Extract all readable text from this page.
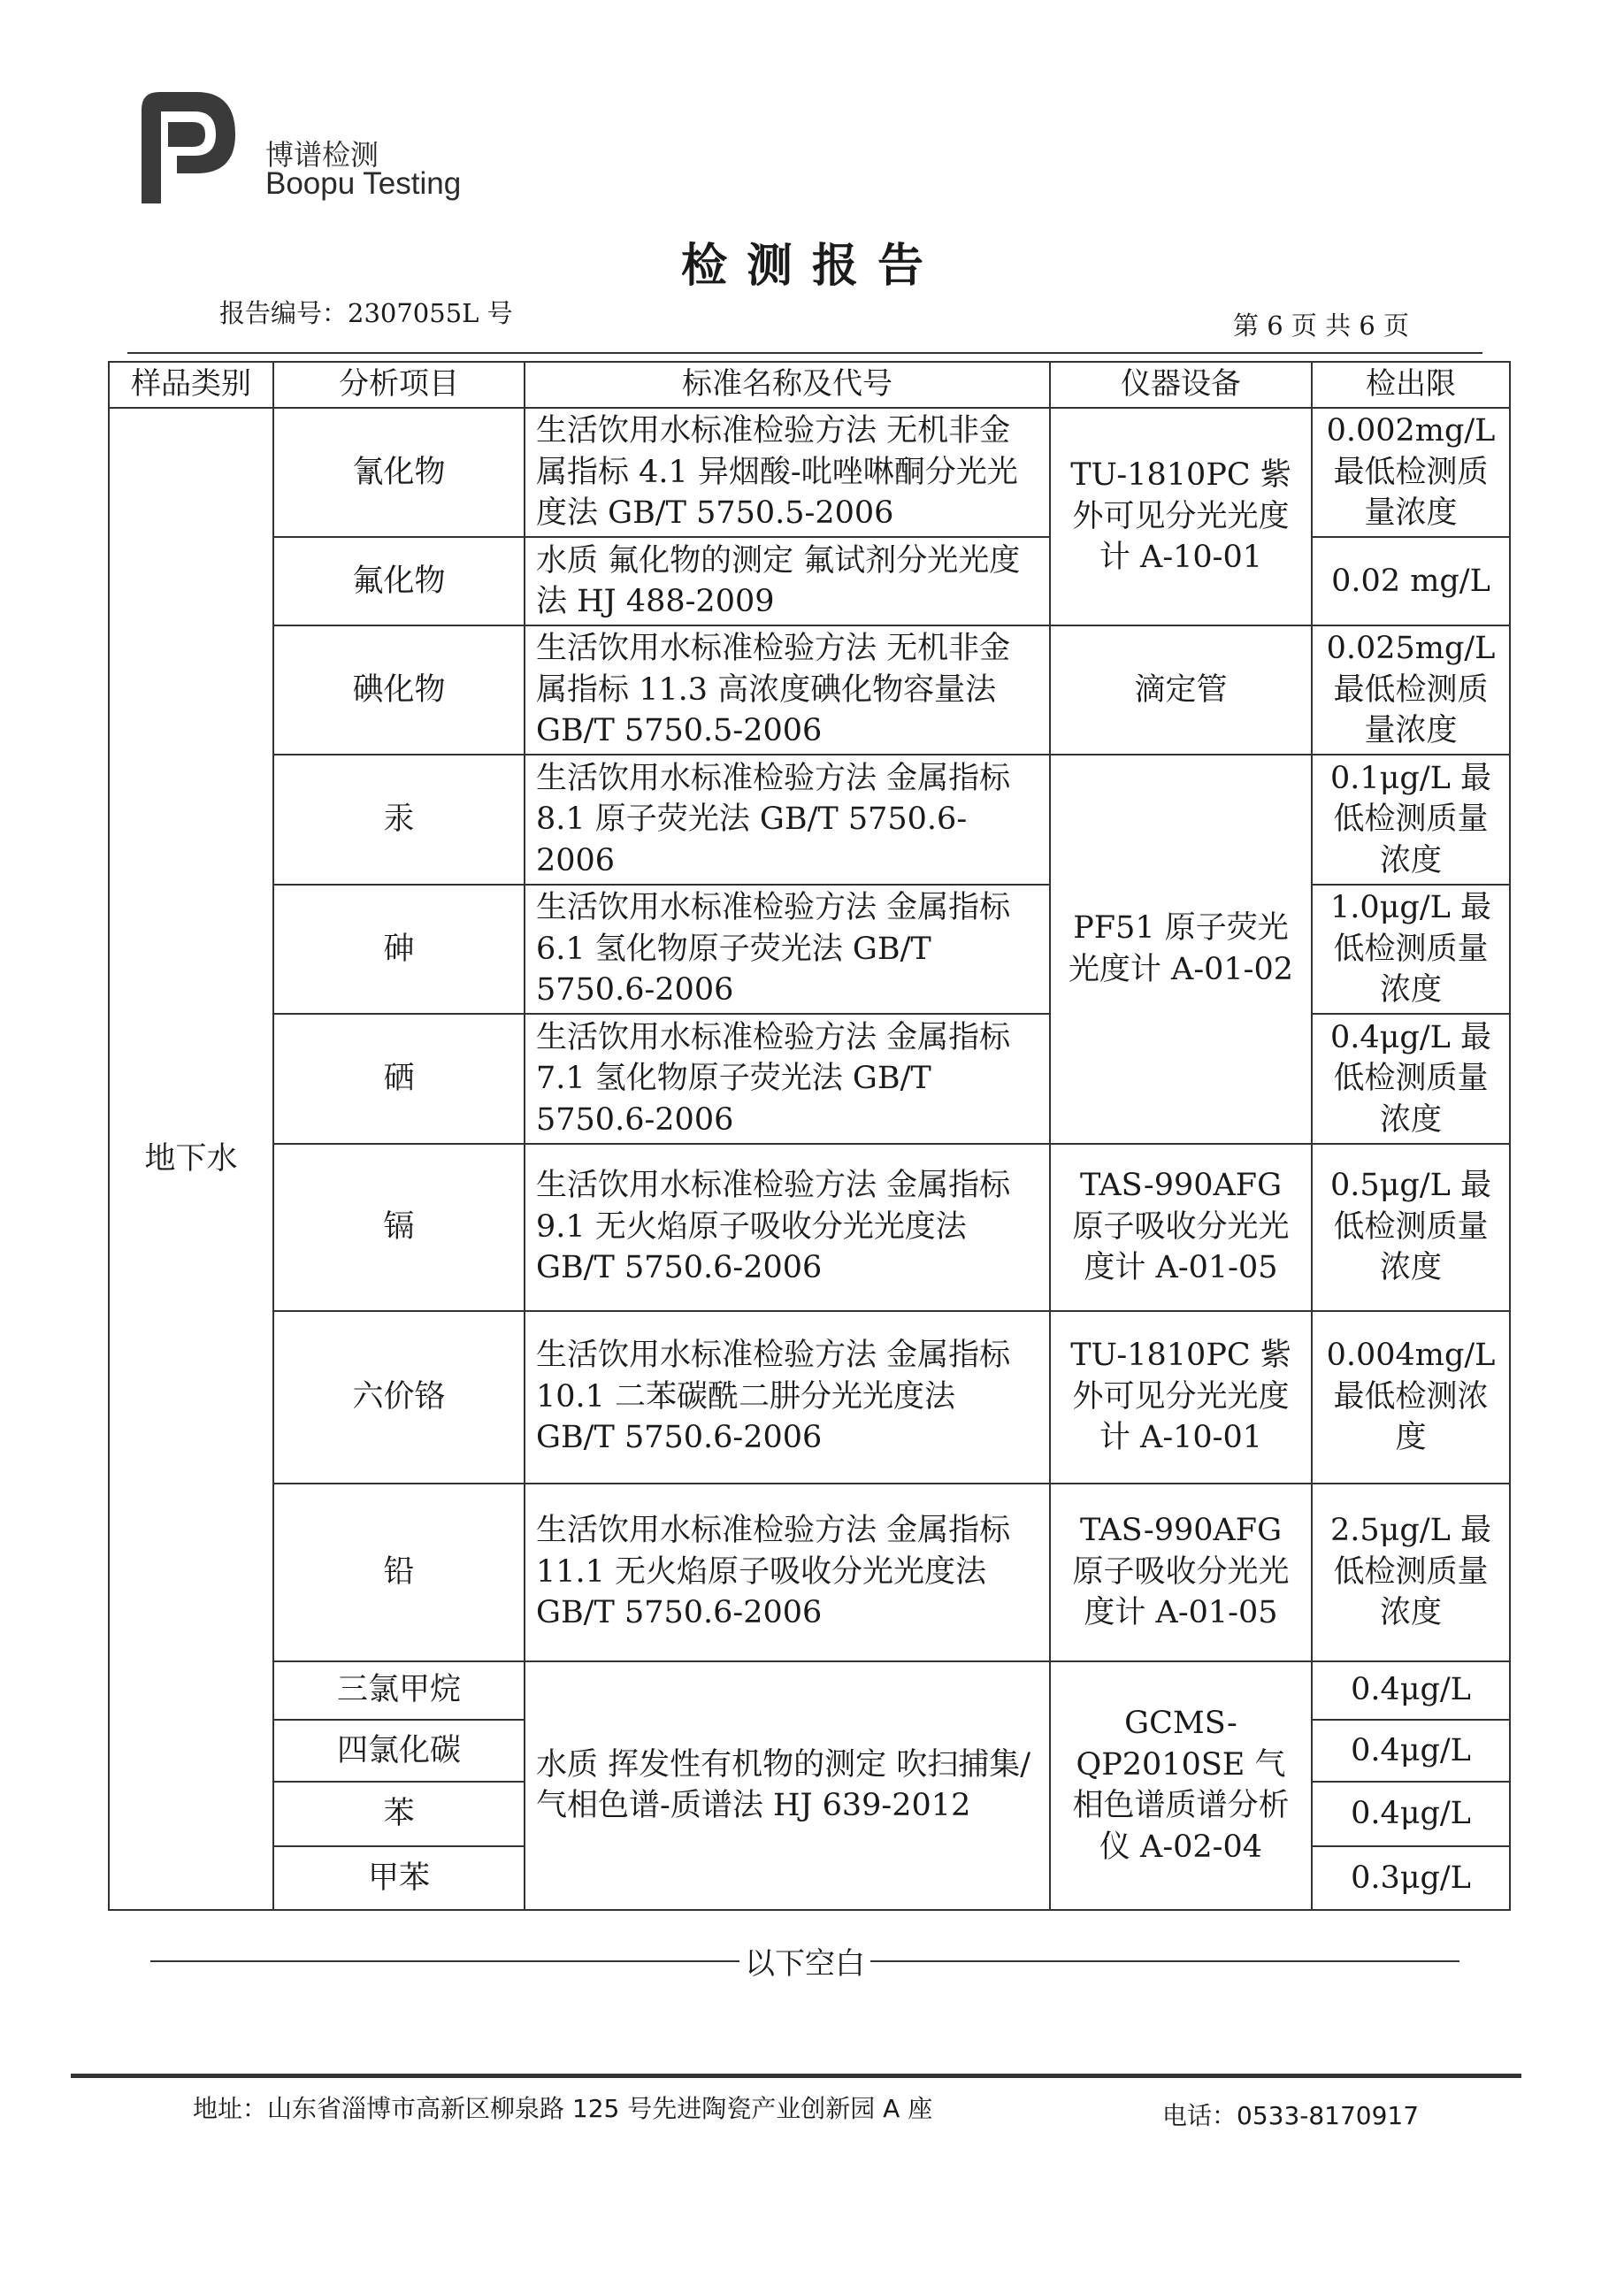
博谱检测
Boopu Testing
检测报告
报告编号：2307055L 号	第 6 页 共 6 页
样品类别	分析项目	标准名称及代号	仪器设备	检出限
地下水	氰化物	生活饮用水标准检验方法 无机非金属指标 4.1 异烟酸-吡唑啉酮分光光度法 GB/T 5750.5-2006	TU-1810PC 紫外可见分光光度计 A-10-01	0.002mg/L 最低检测质量浓度
	氟化物	水质 氟化物的测定 氟试剂分光光度法 HJ 488-2009		0.02 mg/L
	碘化物	生活饮用水标准检验方法 无机非金属指标 11.3 高浓度碘化物容量法 GB/T 5750.5-2006	滴定管	0.025mg/L 最低检测质量浓度
	汞	生活饮用水标准检验方法 金属指标 8.1 原子荧光法 GB/T 5750.6-2006	PF51 原子荧光光度计 A-01-02	0.1μg/L 最低检测质量浓度
	砷	生活饮用水标准检验方法 金属指标 6.1 氢化物原子荧光法 GB/T 5750.6-2006		1.0μg/L 最低检测质量浓度
	硒	生活饮用水标准检验方法 金属指标 7.1 氢化物原子荧光法 GB/T 5750.6-2006		0.4μg/L 最低检测质量浓度
	镉	生活饮用水标准检验方法 金属指标 9.1 无火焰原子吸收分光光度法 GB/T 5750.6-2006	TAS-990AFG 原子吸收分光光度计 A-01-05	0.5μg/L 最低检测质量浓度
	六价铬	生活饮用水标准检验方法 金属指标 10.1 二苯碳酰二肼分光光度法 GB/T 5750.6-2006	TU-1810PC 紫外可见分光光度计 A-10-01	0.004mg/L 最低检测浓度
	铅	生活饮用水标准检验方法 金属指标 11.1 无火焰原子吸收分光光度法 GB/T 5750.6-2006	TAS-990AFG 原子吸收分光光度计 A-01-05	2.5μg/L 最低检测质量浓度
	三氯甲烷	水质 挥发性有机物的测定 吹扫捕集/气相色谱-质谱法 HJ 639-2012	GCMS-QP2010SE 气相色谱质谱分析仪 A-02-04	0.4μg/L
	四氯化碳			0.4μg/L
	苯			0.4μg/L
	甲苯			0.3μg/L
以下空白
地址：山东省淄博市高新区柳泉路 125 号先进陶瓷产业创新园 A 座	电话：0533-8170917
